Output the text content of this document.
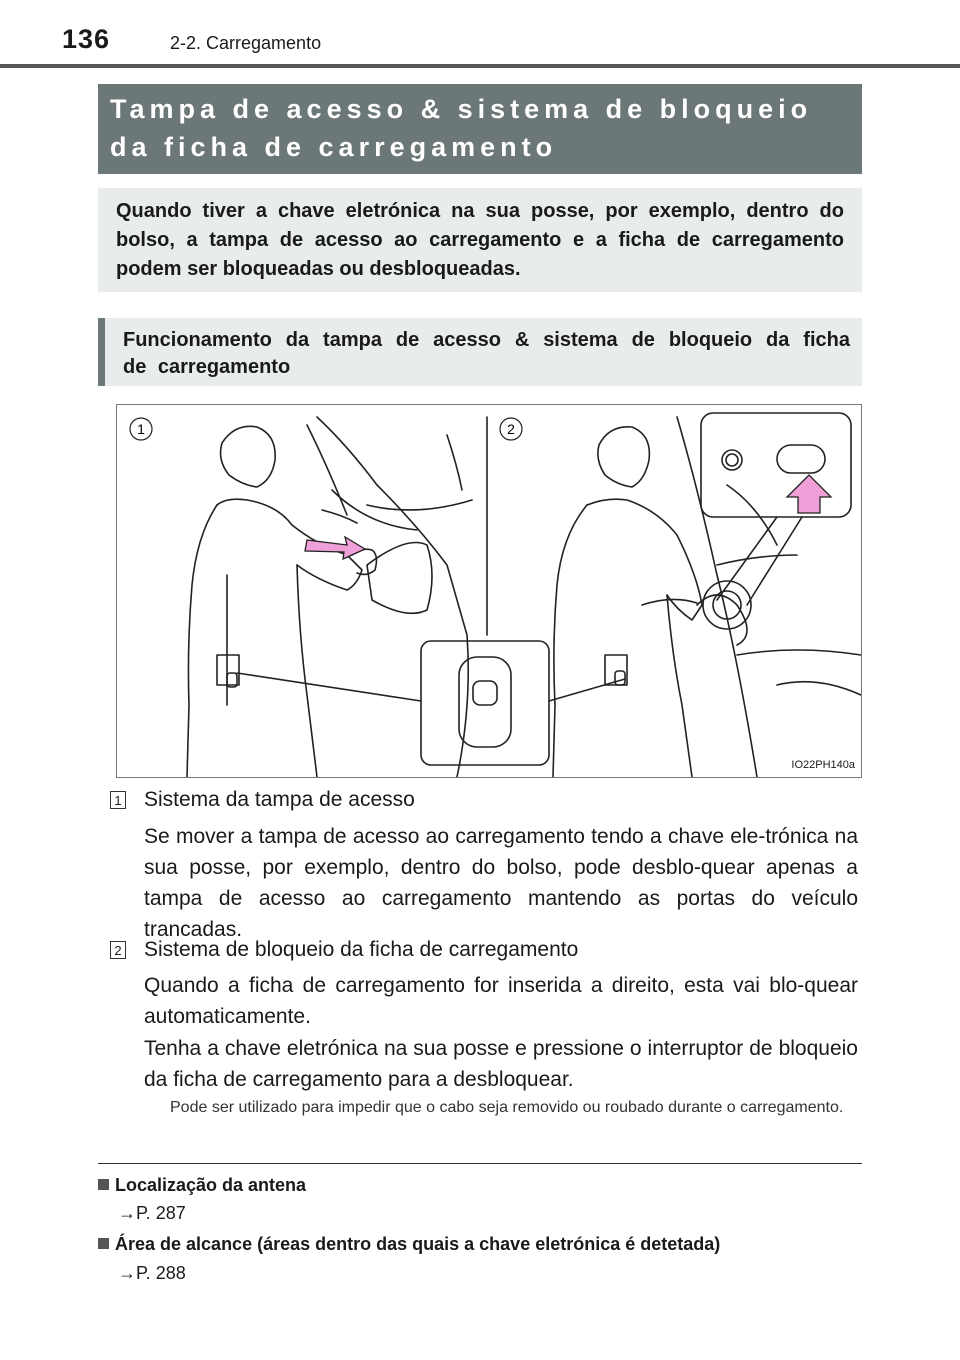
136	2-2. Carregamento
Tampa de acesso & sistema de bloqueio da ficha de carregamento
Quando tiver a chave eletrónica na sua posse, por exemplo, dentro do bolso, a tampa de acesso ao carregamento e a ficha de carregamento podem ser bloqueadas ou desbloqueadas.
Funcionamento da tampa de acesso & sistema de bloqueio da ficha de carregamento
1	2
IO22PH140a
1 Sistema da tampa de acesso
Se mover a tampa de acesso ao carregamento tendo a chave ele-trónica na sua posse, por exemplo, dentro do bolso, pode desblo-quear apenas a tampa de acesso ao carregamento mantendo as portas do veículo trancadas.
2 Sistema de bloqueio da ficha de carregamento
Quando a ficha de carregamento for inserida a direito, esta vai blo-quear automaticamente.
Tenha a chave eletrónica na sua posse e pressione o interruptor de bloqueio da ficha de carregamento para a desbloquear.
Pode ser utilizado para impedir que o cabo seja removido ou roubado durante o carregamento.
Localização da antena
→P. 287
Área de alcance (áreas dentro das quais a chave eletrónica é detetada)
→P. 288
